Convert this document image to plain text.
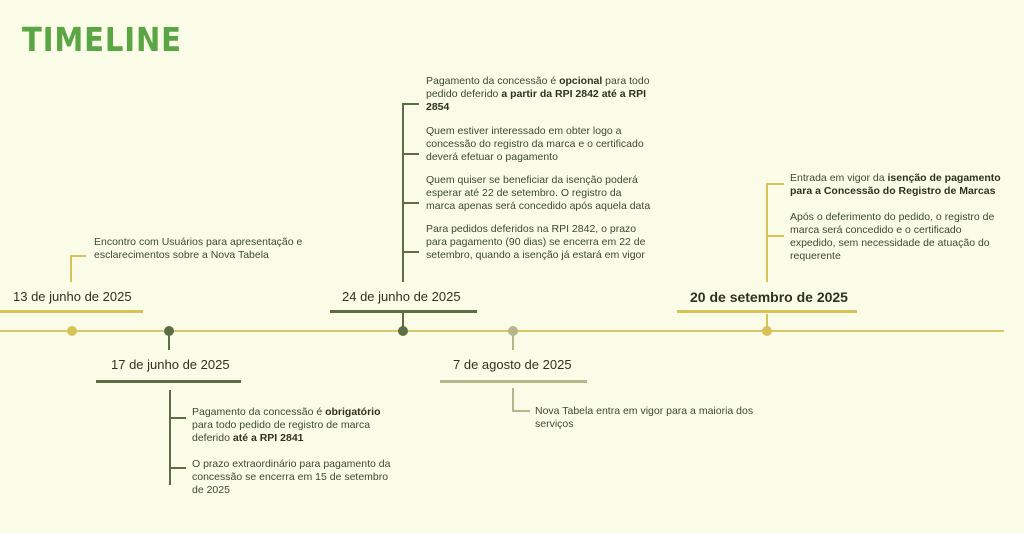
TIMELINE
13 de junho de 2025
Encontro com Usuários para apresentação e esclarecimentos sobre a Nova Tabela
17 de junho de 2025
Pagamento da concessão é obrigatório para todo pedido de registro de marca deferido até a RPI 2841
O prazo extraordinário para pagamento da concessão se encerra em 15 de setembro de 2025
24 de junho de 2025
Pagamento da concessão é opcional para todo pedido deferido a partir da RPI 2842 até a RPI 2854
Quem estiver interessado em obter logo a concessão do registro da marca e o certificado deverá efetuar o pagamento
Quem quiser se beneficiar da isenção poderá esperar até 22 de setembro. O registro da marca apenas será concedido após aquela data
Para pedidos deferidos na RPI 2842, o prazo para pagamento (90 dias) se encerra em 22 de setembro, quando a isenção já estará em vigor
7 de agosto de 2025
Nova Tabela entra em vigor para a maioria dos serviços
20 de setembro de 2025
Entrada em vigor da isenção de pagamento para a Concessão do Registro de Marcas
Após o deferimento do pedido, o registro de marca será concedido e o certificado expedido, sem necessidade de atuação do requerente
